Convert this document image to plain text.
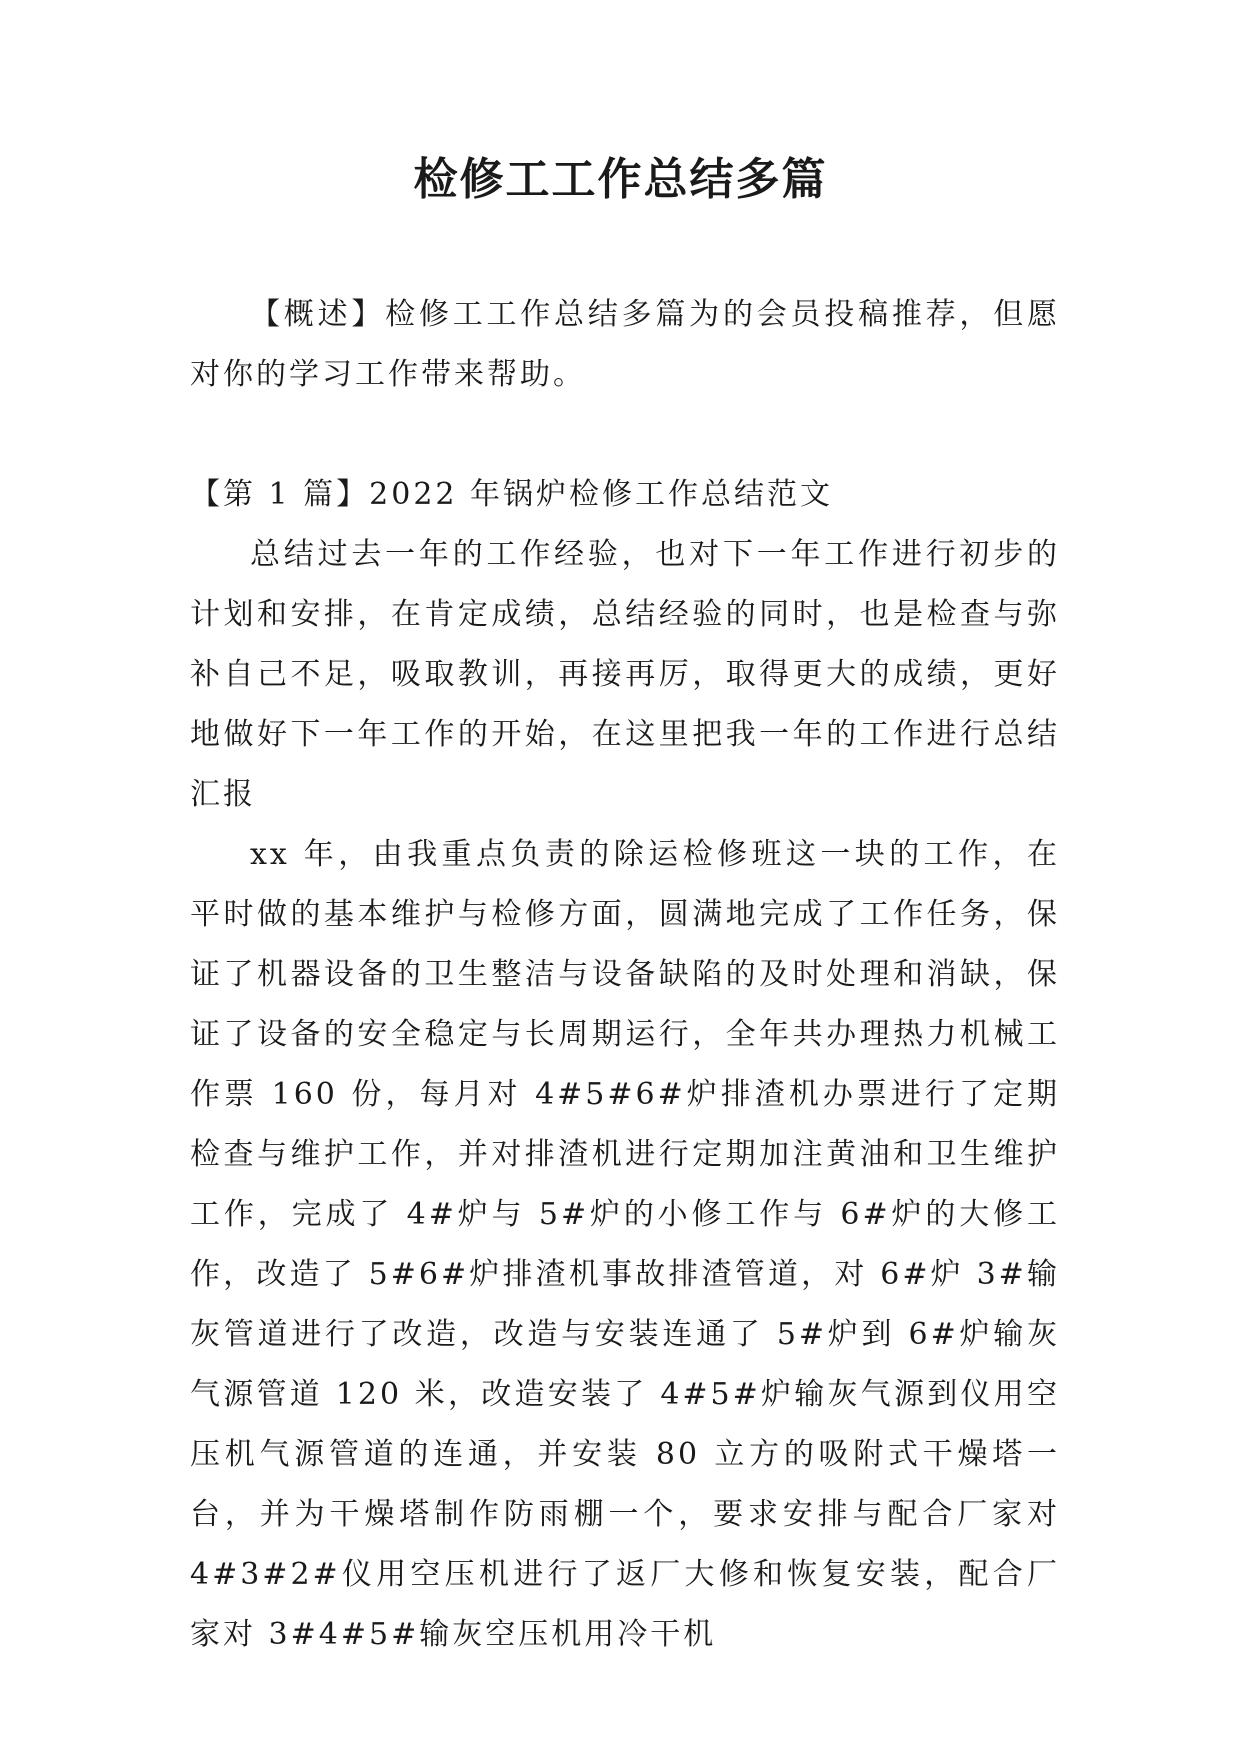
检修工工作总结多篇

【概述】检修工工作总结多篇为的会员投稿推荐，但愿对你的学习工作带来帮助。

【第 1 篇】2022 年锅炉检修工作总结范文

总结过去一年的工作经验，也对下一年工作进行初步的计划和安排，在肯定成绩，总结经验的同时，也是检查与弥补自己不足，吸取教训，再接再厉，取得更大的成绩，更好地做好下一年工作的开始，在这里把我一年的工作进行总结汇报

xx 年，由我重点负责的除运检修班这一块的工作，在平时做的基本维护与检修方面，圆满地完成了工作任务，保证了机器设备的卫生整洁与设备缺陷的及时处理和消缺，保证了设备的安全稳定与长周期运行，全年共办理热力机械工作票 160 份，每月对 4#5#6#炉排渣机办票进行了定期检查与维护工作，并对排渣机进行定期加注黄油和卫生维护工作，完成了 4#炉与 5#炉的小修工作与 6#炉的大修工作，改造了 5#6#炉排渣机事故排渣管道，对 6#炉 3#输灰管道进行了改造，改造与安装连通了 5#炉到 6#炉输灰气源管道 120 米，改造安装了 4#5#炉输灰气源到仪用空压机气源管道的连通，并安装 80 立方的吸附式干燥塔一台，并为干燥塔制作防雨棚一个，要求安排与配合厂家对 4#3#2#仪用空压机进行了返厂大修和恢复安装，配合厂家对 3#4#5#输灰空压机用冷干机
